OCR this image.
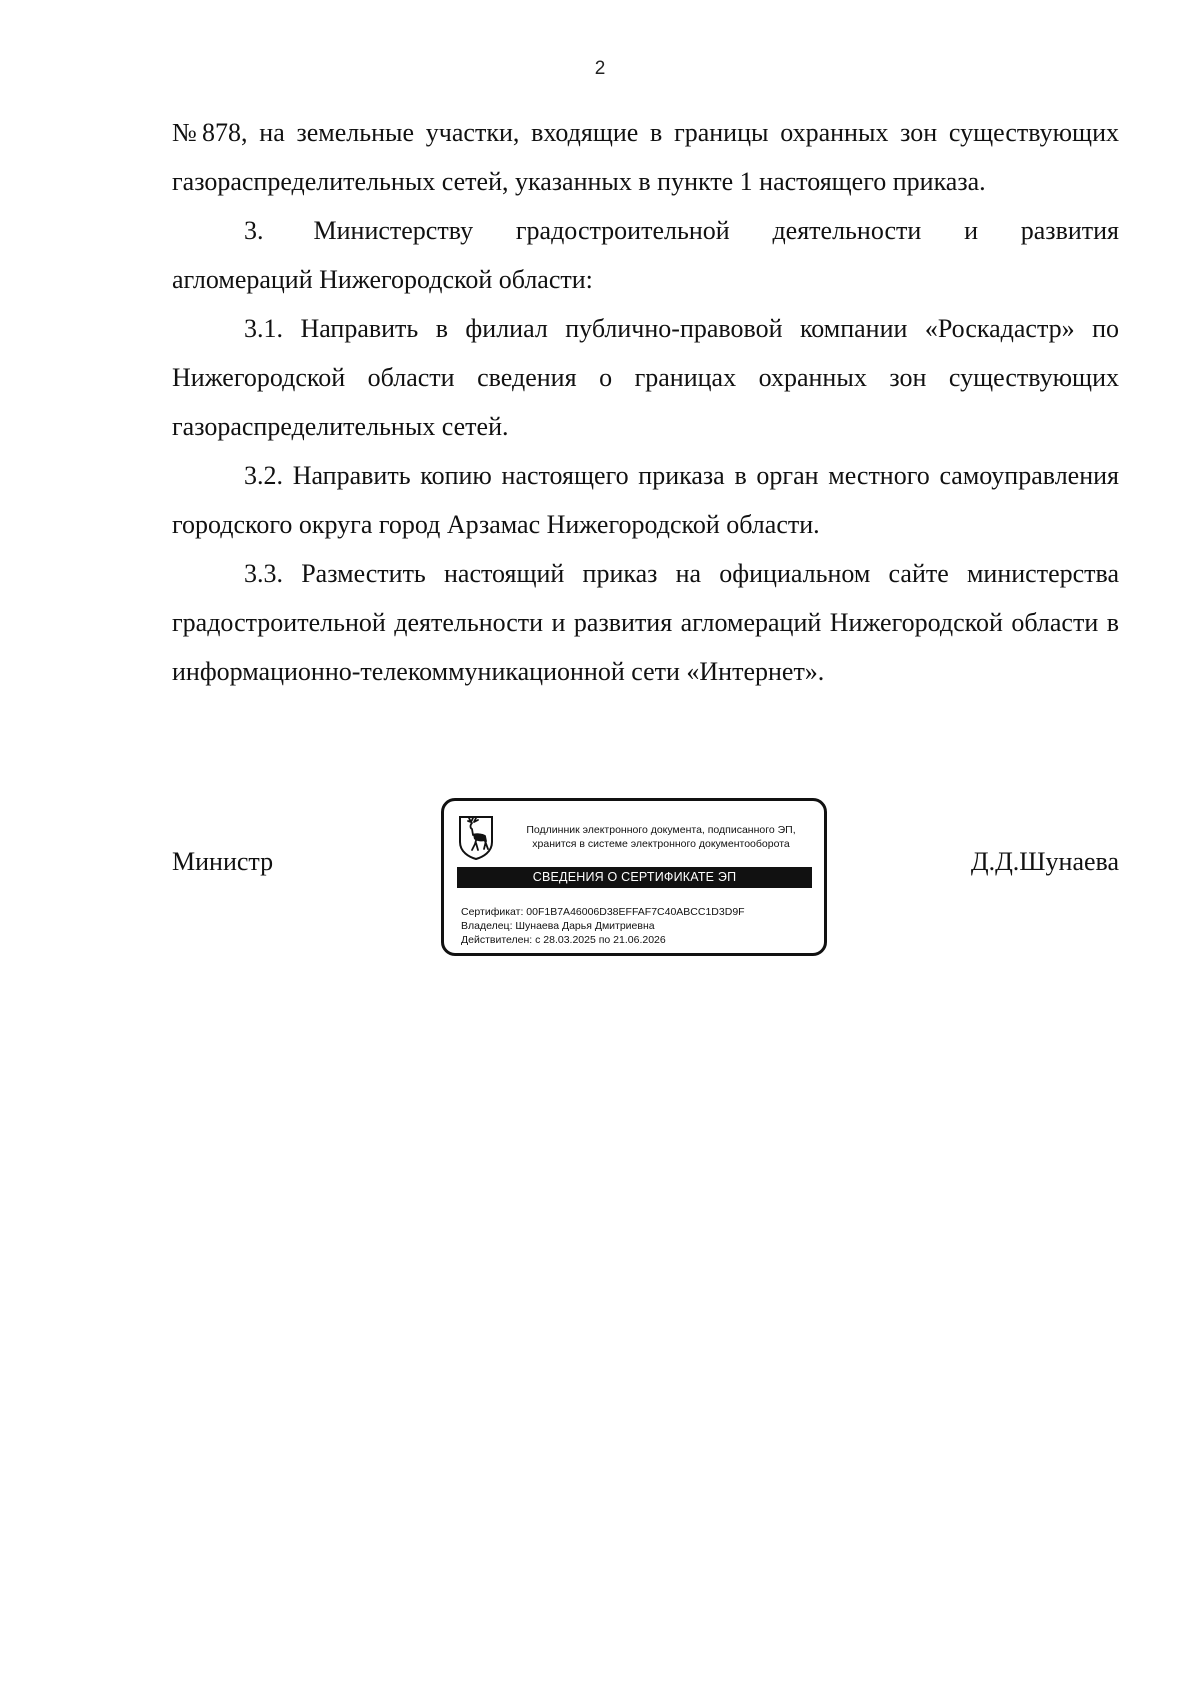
2

№878, на земельные участки, входящие в границы охранных зон существующих газораспределительных сетей, указанных в пункте 1 настоящего приказа.

3. Министерству градостроительной деятельности и развития агломераций Нижегородской области:

3.1. Направить в филиал публично-правовой компании «Роскадастр» по Нижегородской области сведения о границах охранных зон существующих газораспределительных сетей.

3.2. Направить копию настоящего приказа в орган местного самоуправления городского округа город Арзамас Нижегородской области.

3.3. Разместить настоящий приказ на официальном сайте министерства градостроительной деятельности и развития агломераций Нижегородской области в информационно-телекоммуникационной сети «Интернет».

Министр	Д.Д.Шунаева
Подлинник электронного документа, подписанного ЭП,
хранится в системе электронного документооборота
СВЕДЕНИЯ О СЕРТИФИКАТЕ ЭП
Сертификат: 00F1B7A46006D38EFFAF7C40ABCC1D3D9F
Владелец: Шунаева Дарья Дмитриевна
Действителен: с 28.03.2025 по 21.06.2026
